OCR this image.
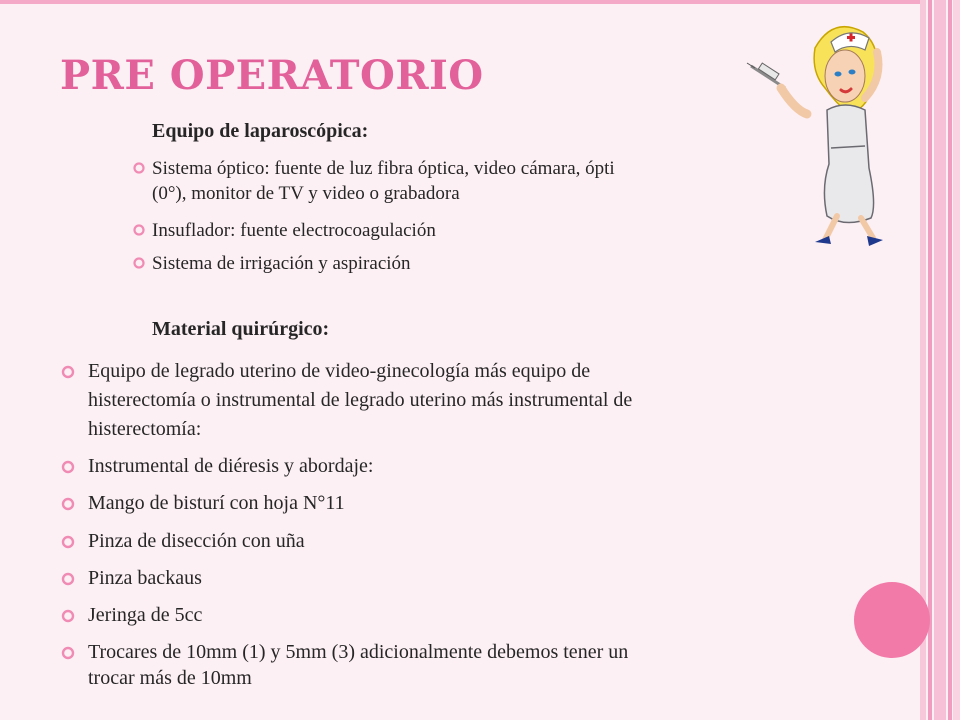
PRE OPERATORIO
Equipo de laparoscópica:
Sistema óptico: fuente de luz fibra óptica, video cámara, ópti
(0°), monitor de TV y video o grabadora
Insuflador: fuente electrocoagulación
Sistema de irrigación y aspiración
Material quirúrgico:
Equipo de legrado uterino de video-ginecología más equipo de
histerectomía o instrumental de legrado uterino más instrumental de
histerectomía:
Instrumental de diéresis y abordaje:
Mango de bisturí con hoja N°11
Pinza de disección con uña
Pinza backaus
Jeringa de 5cc
Trocares de 10mm (1) y 5mm (3) adicionalmente debemos tener un
trocar más de 10mm
